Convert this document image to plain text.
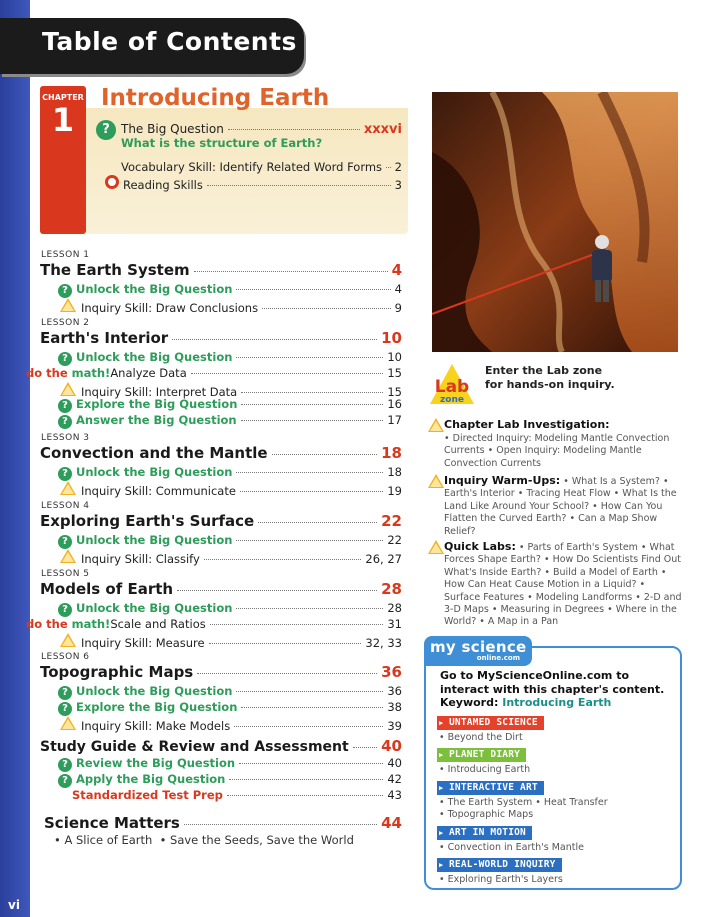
Table of Contents
vi
CHAPTER
1
Introducing Earth
? The Big Question	xxxvi
What is the structure of Earth?
Vocabulary Skill: Identify Related Word Forms 2
Reading Skills	3
LESSON 1
The Earth System	4
? Unlock the Big Question	4
Inquiry Skill: Draw Conclusions	9
LESSON 2
Earth's Interior	10
? Unlock the Big Question	10
do the math! Analyze Data	15
Inquiry Skill: Interpret Data	15
? Explore the Big Question	16
? Answer the Big Question	17
LESSON 3
Convection and the Mantle	18
? Unlock the Big Question	18
Inquiry Skill: Communicate	19
LESSON 4
Exploring Earth's Surface	22
? Unlock the Big Question	22
Inquiry Skill: Classify	26, 27
LESSON 5
Models of Earth	28
? Unlock the Big Question	28
do the math! Scale and Ratios	31
Inquiry Skill: Measure	32, 33
LESSON 6
Topographic Maps	36
? Unlock the Big Question	36
? Explore the Big Question	38
Inquiry Skill: Make Models	39
Study Guide & Review and Assessment 40
? Review the Big Question	40
? Apply the Big Question	42
Standardized Test Prep	43
Science Matters	44
• A Slice of Earth  • Save the Seeds, Save the World
Lab
zone
Enter the Lab zone
for hands-on inquiry.
Chapter Lab Investigation:
• Directed Inquiry: Modeling Mantle Convection Currents • Open Inquiry: Modeling Mantle Convection Currents
Inquiry Warm-Ups: • What Is a System? • Earth's Interior • Tracing Heat Flow • What Is the Land Like Around Your School? • How Can You Flatten the Curved Earth? • Can a Map Show Relief?
Quick Labs: • Parts of Earth's System • What Forces Shape Earth? • How Do Scientists Find Out What's Inside Earth? • Build a Model of Earth • How Can Heat Cause Motion in a Liquid? • Surface Features • Modeling Landforms • 2-D and 3-D Maps • Measuring in Degrees • Where in the World? • A Map in a Pan
my science
online.com
Go to MyScienceOnline.com to
interact with this chapter's content.
Keyword: Introducing Earth
▶ UNTAMED SCIENCE
• Beyond the Dirt
▶ PLANET DIARY
• Introducing Earth
▶ INTERACTIVE ART
• The Earth System • Heat Transfer
• Topographic Maps
▶ ART IN MOTION
• Convection in Earth's Mantle
▶ REAL-WORLD INQUIRY
• Exploring Earth's Layers
